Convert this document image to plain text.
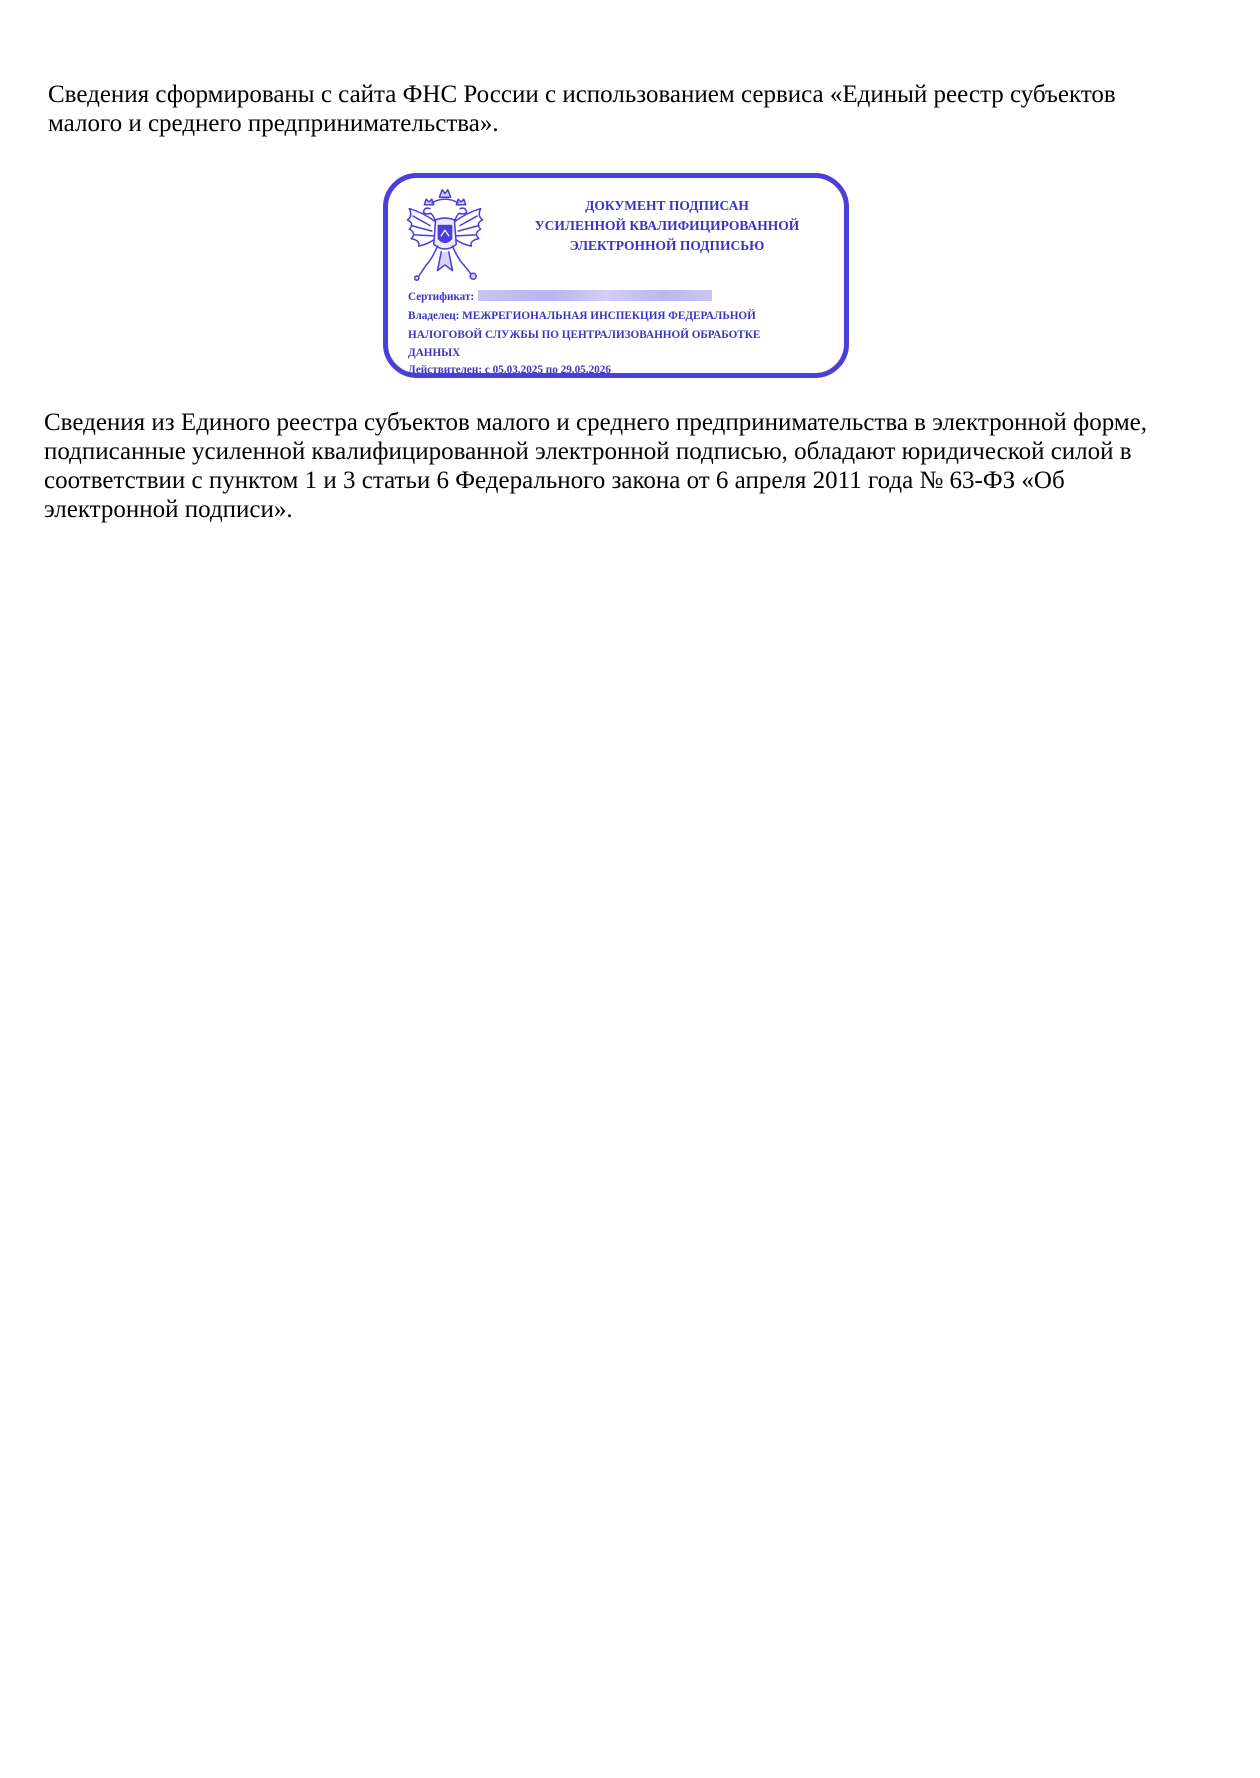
Сведения сформированы с сайта ФНС России с использованием сервиса «Единый реестр субъектов
малого и среднего предпринимательства».
ДОКУМЕНТ ПОДПИСАН
УСИЛЕННОЙ КВАЛИФИЦИРОВАННОЙ
ЭЛЕКТРОННОЙ ПОДПИСЬЮ
Сертификат:
Владелец: МЕЖРЕГИОНАЛЬНАЯ ИНСПЕКЦИЯ ФЕДЕРАЛЬНОЙ
НАЛОГОВОЙ СЛУЖБЫ ПО ЦЕНТРАЛИЗОВАННОЙ ОБРАБОТКЕ
ДАННЫХ
Действителен: с 05.03.2025 по 29.05.2026
Сведения из Единого реестра субъектов малого и среднего предпринимательства в электронной форме,
подписанные усиленной квалифицированной электронной подписью, обладают юридической силой в
соответствии с пунктом 1 и 3 статьи 6 Федерального закона от 6 апреля 2011 года № 63-ФЗ «Об
электронной подписи».
